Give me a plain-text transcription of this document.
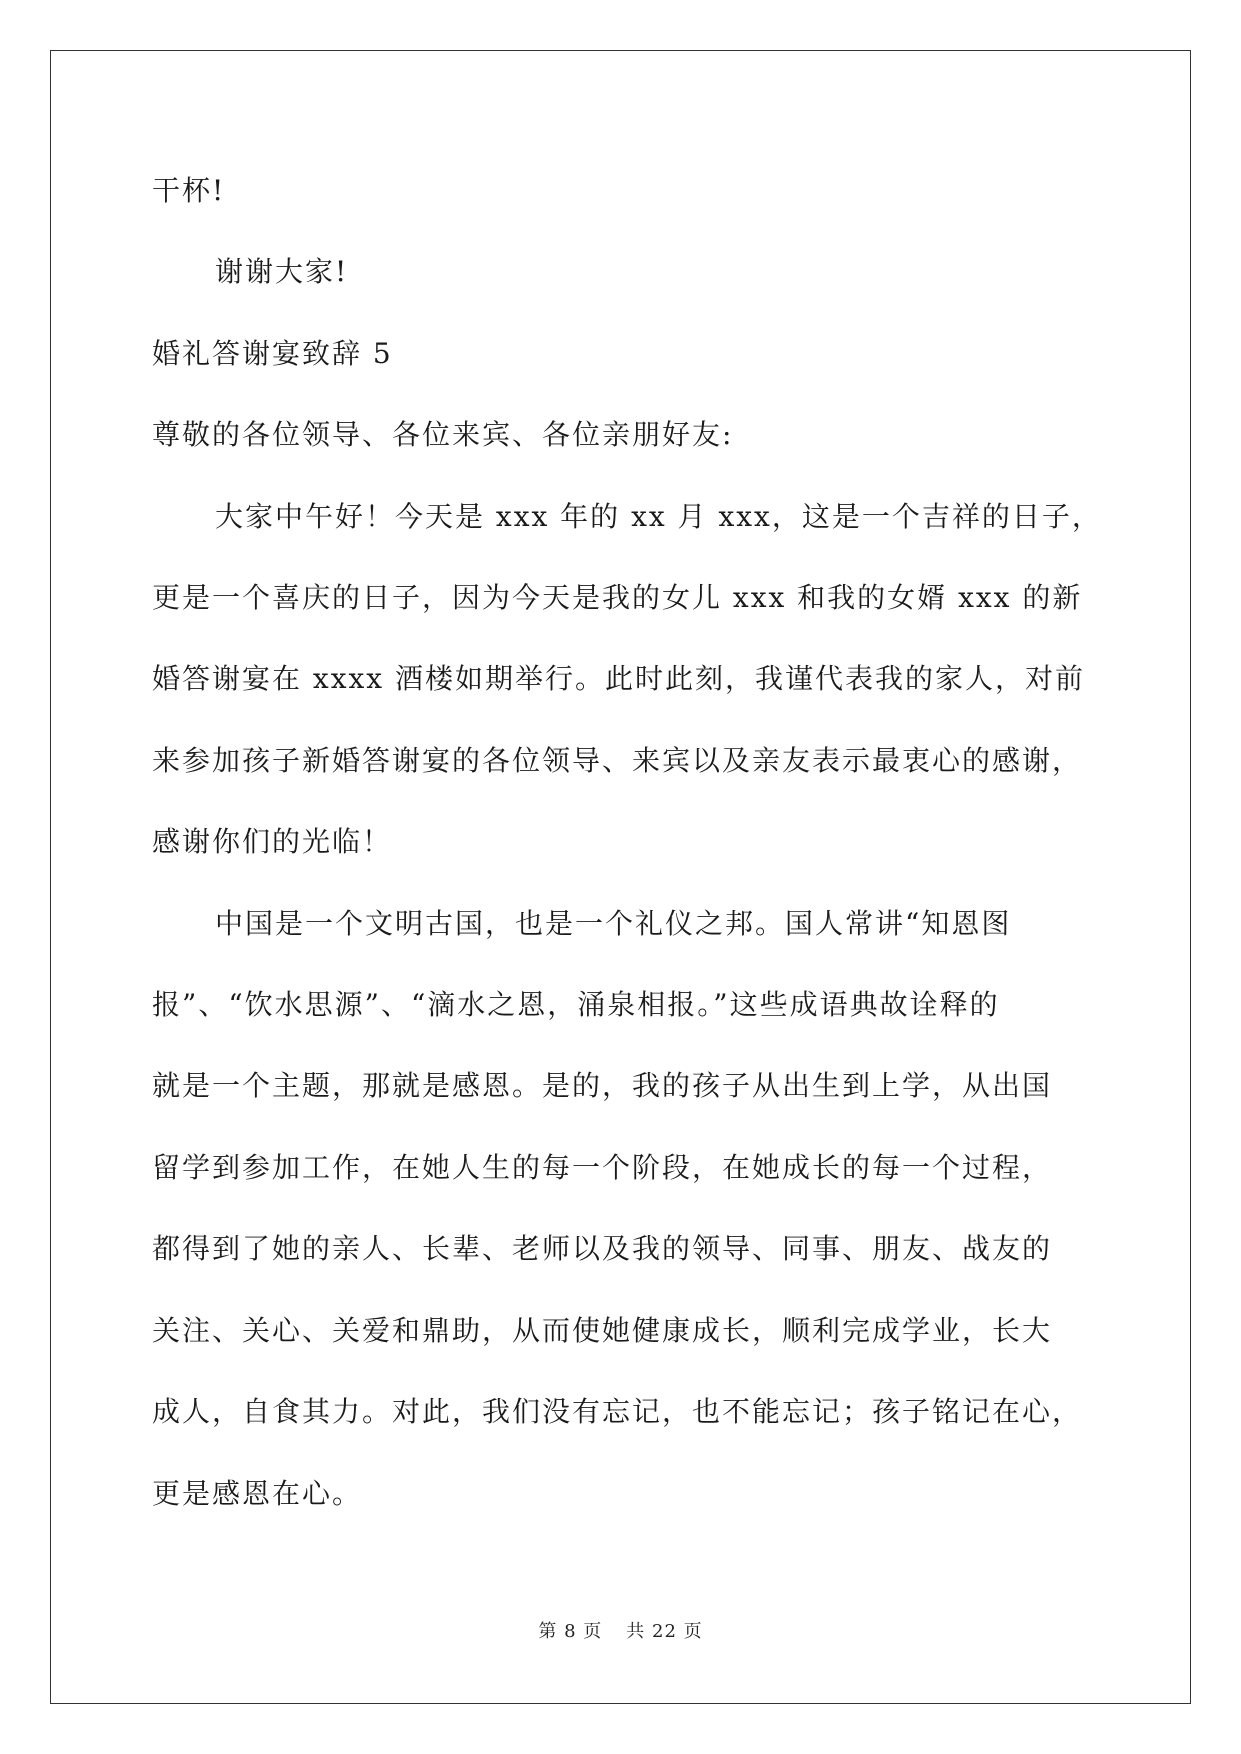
干杯!
谢谢大家!
婚礼答谢宴致辞 5
尊敬的各位领导、各位来宾、各位亲朋好友:
大家中午好！今天是 xxx 年的 xx 月 xxx，这是一个吉祥的日子，
更是一个喜庆的日子，因为今天是我的女儿 xxx 和我的女婿 xxx 的新
婚答谢宴在 xxxx 酒楼如期举行。此时此刻，我谨代表我的家人，对前
来参加孩子新婚答谢宴的各位领导、来宾以及亲友表示最衷心的感谢，
感谢你们的光临！
中国是一个文明古国，也是一个礼仪之邦。国人常讲“知恩图
报”、“饮水思源”、“滴水之恩，涌泉相报。”这些成语典故诠释的
就是一个主题，那就是感恩。是的，我的孩子从出生到上学，从出国
留学到参加工作，在她人生的每一个阶段，在她成长的每一个过程，
都得到了她的亲人、长辈、老师以及我的领导、同事、朋友、战友的
关注、关心、关爱和鼎助，从而使她健康成长，顺利完成学业，长大
成人，自食其力。对此，我们没有忘记，也不能忘记；孩子铭记在心，
更是感恩在心。
第 8 页 共 22 页
